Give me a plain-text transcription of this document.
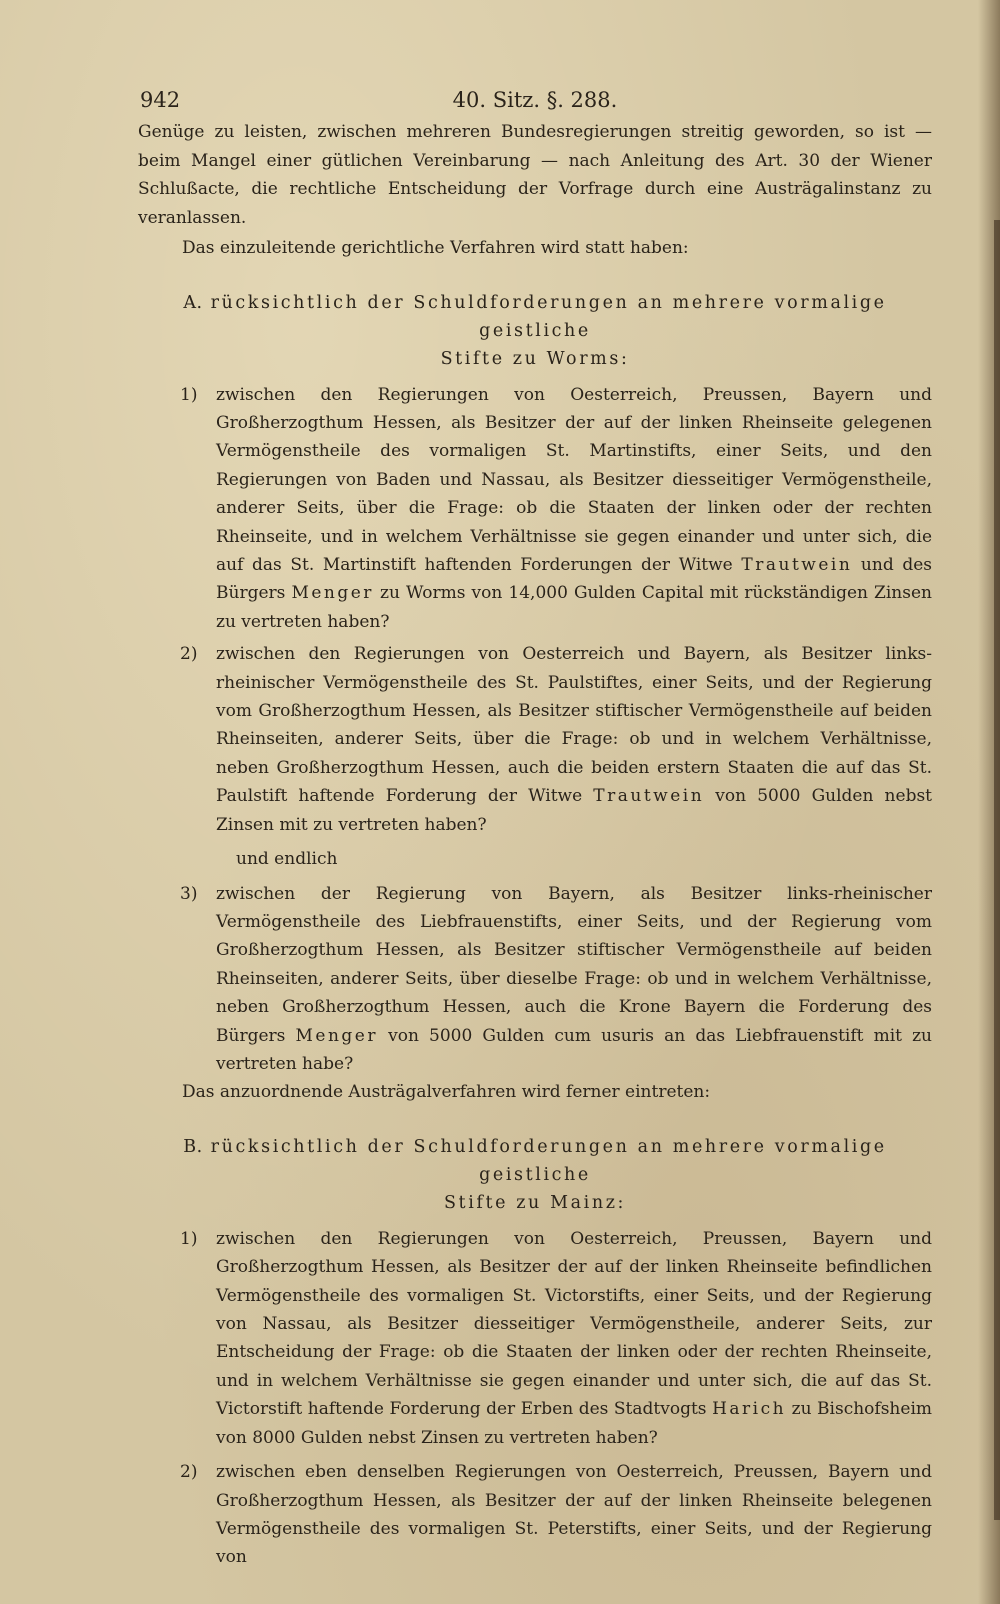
40. Sitz. §. 288.
942

Genüge zu leisten, zwischen mehreren Bundesregierungen streitig geworden, so ist — beim Mangel einer gütlichen Vereinbarung — nach Anleitung des Art. 30 der Wiener Schlußacte, die rechtliche Entscheidung der Vorfrage durch eine Austrägalinstanz zu veranlassen.

Das einzuleitende gerichtliche Verfahren wird statt haben:

A. rücksichtlich der Schuldforderungen an mehrere vormalige geistliche
Stifte zu Worms:
1) zwischen den Regierungen von Oesterreich, Preussen, Bayern und Großherzogthum Hessen, als Besitzer der auf der linken Rheinseite gelegenen Vermögenstheile des vormaligen St. Martinstifts, einer Seits, und den Regierungen von Baden und Nassau, als Besitzer diesseitiger Vermögenstheile, anderer Seits, über die Frage: ob die Staaten der linken oder der rechten Rheinseite, und in welchem Verhältnisse sie gegen einander und unter sich, die auf das St. Martinstift haftenden Forderungen der Witwe Trautwein und des Bürgers Menger zu Worms von 14,000 Gulden Capital mit rückständigen Zinsen zu vertreten haben?
2) zwischen den Regierungen von Oesterreich und Bayern, als Besitzer links-rheinischer Vermögenstheile des St. Paulstiftes, einer Seits, und der Regierung vom Großherzogthum Hessen, als Besitzer stiftischer Vermögenstheile auf beiden Rheinseiten, anderer Seits, über die Frage: ob und in welchem Verhältnisse, neben Großherzogthum Hessen, auch die beiden erstern Staaten die auf das St. Paulstift haftende Forderung der Witwe Trautwein von 5000 Gulden nebst Zinsen mit zu vertreten haben?

und endlich

3) zwischen der Regierung von Bayern, als Besitzer links-rheinischer Vermögenstheile des Liebfrauenstifts, einer Seits, und der Regierung vom Großherzogthum Hessen, als Besitzer stiftischer Vermögenstheile auf beiden Rheinseiten, anderer Seits, über dieselbe Frage: ob und in welchem Verhältnisse, neben Großherzogthum Hessen, auch die Krone Bayern die Forderung des Bürgers Menger von 5000 Gulden cum usuris an das Liebfrauenstift mit zu vertreten habe?

Das anzuordnende Austrägalverfahren wird ferner eintreten:

B. rücksichtlich der Schuldforderungen an mehrere vormalige geistliche
Stifte zu Mainz:
1) zwischen den Regierungen von Oesterreich, Preussen, Bayern und Großherzogthum Hessen, als Besitzer der auf der linken Rheinseite befindlichen Vermögenstheile des vormaligen St. Victorstifts, einer Seits, und der Regierung von Nassau, als Besitzer diesseitiger Vermögenstheile, anderer Seits, zur Entscheidung der Frage: ob die Staaten der linken oder der rechten Rheinseite, und in welchem Verhältnisse sie gegen einander und unter sich, die auf das St. Victorstift haftende Forderung der Erben des Stadtvogts Harich zu Bischofsheim von 8000 Gulden nebst Zinsen zu vertreten haben?
2) zwischen eben denselben Regierungen von Oesterreich, Preussen, Bayern und Großherzogthum Hessen, als Besitzer der auf der linken Rheinseite belegenen Vermögenstheile des vormaligen St. Peterstifts, einer Seits, und der Regierung von
